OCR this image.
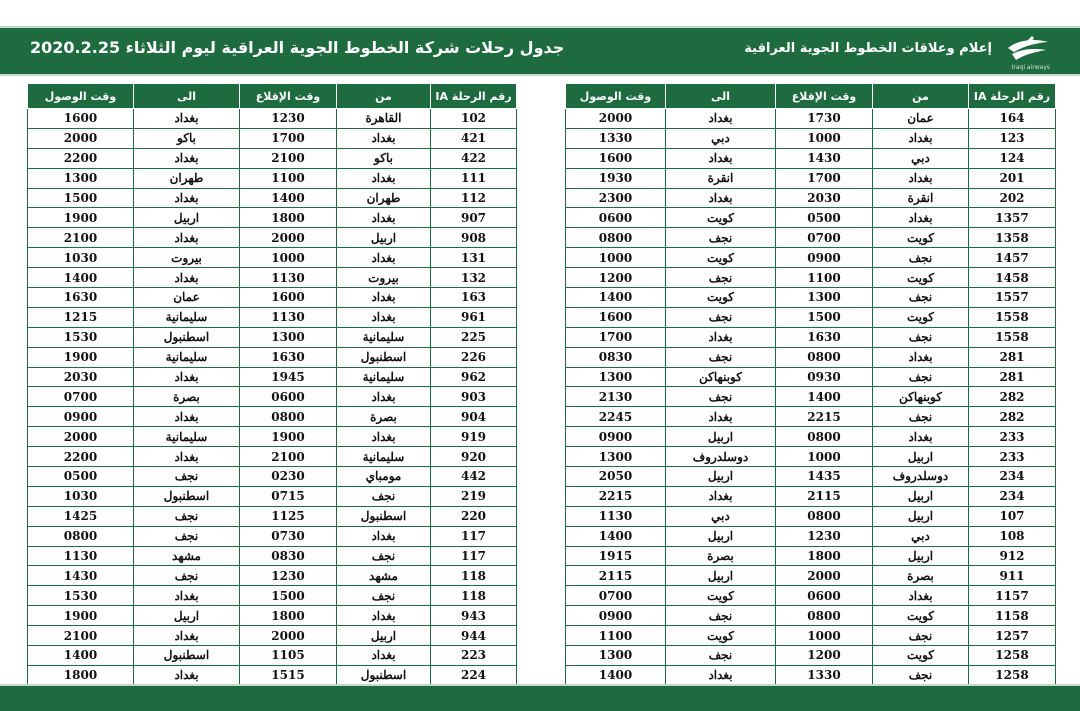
جدول رحلات شركة الخطوط الجوية العراقية ليوم الثلاثاء 2020.2.25	إعلام وعلاقات الخطوط الجوية العراقية
Iraqi airways
وقت الوصول	الى	وقت الإقلاع	من	رقم الرحلة IA
1600	بغداد	1230	القاهرة	102
2000	باكو	1700	بغداد	421
2200	بغداد	2100	باكو	422
1300	طهران	1100	بغداد	111
1500	بغداد	1400	طهران	112
1900	اربيل	1800	بغداد	907
2100	بغداد	2000	اربيل	908
1030	بيروت	1000	بغداد	131
1400	بغداد	1130	بيروت	132
1630	عمان	1600	بغداد	163
1215	سليمانية	1130	بغداد	961
1530	اسطنبول	1300	سليمانية	225
1900	سليمانية	1630	اسطنبول	226
2030	بغداد	1945	سليمانية	962
0700	بصرة	0600	بغداد	903
0900	بغداد	0800	بصرة	904
2000	سليمانية	1900	بغداد	919
2200	بغداد	2100	سليمانية	920
0500	نجف	0230	مومباي	442
1030	اسطنبول	0715	نجف	219
1425	نجف	1125	اسطنبول	220
0800	نجف	0730	بغداد	117
1130	مشهد	0830	نجف	117
1430	نجف	1230	مشهد	118
1530	بغداد	1500	نجف	118
1900	اربيل	1800	بغداد	943
2100	بغداد	2000	اربيل	944
1400	اسطنبول	1105	بغداد	223
1800	بغداد	1515	اسطنبول	224

وقت الوصول	الى	وقت الإقلاع	من	رقم الرحلة IA
2000	بغداد	1730	عمان	164
1330	دبي	1000	بغداد	123
1600	بغداد	1430	دبي	124
1930	انقرة	1700	بغداد	201
2300	بغداد	2030	انقرة	202
0600	كويت	0500	بغداد	1357
0800	نجف	0700	كويت	1358
1000	كويت	0900	نجف	1457
1200	نجف	1100	كويت	1458
1400	كويت	1300	نجف	1557
1600	نجف	1500	كويت	1558
1700	بغداد	1630	نجف	1558
0830	نجف	0800	بغداد	281
1300	كوبنهاكن	0930	نجف	281
2130	نجف	1400	كوبنهاكن	282
2245	بغداد	2215	نجف	282
0900	اربيل	0800	بغداد	233
1300	دوسلدروف	1000	اربيل	233
2050	اربيل	1435	دوسلدروف	234
2215	بغداد	2115	اربيل	234
1130	دبي	0800	اربيل	107
1400	اربيل	1230	دبي	108
1915	بصرة	1800	اربيل	912
2115	اربيل	2000	بصرة	911
0700	كويت	0600	بغداد	1157
0900	نجف	0800	كويت	1158
1100	كويت	1000	نجف	1257
1300	نجف	1200	كويت	1258
1400	بغداد	1330	نجف	1258
